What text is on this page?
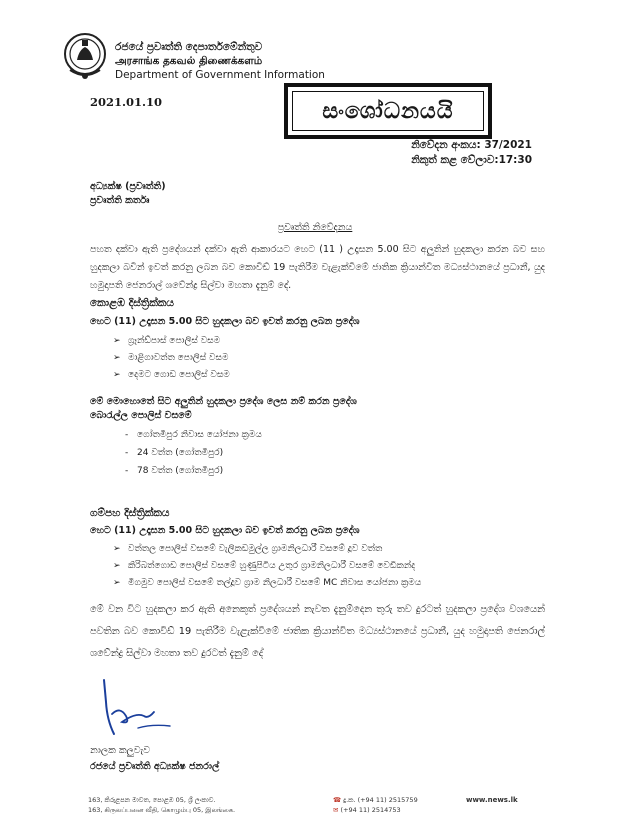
රජයේ ප්‍රවෘත්ති දෙපාර්තමේන්තුව
அரசாங்க தகவல் திணைக்களம்
Department of Government Information
2021.01.10	සංශෝධනයයි
නිවේදන අංකය: 37/2021
නිකුත් කළ වේලාව:17:30
අධ්‍යක්ෂ (ප්‍රවෘත්ති)
ප්‍රවෘත්ති කර්තෘ
ප්‍රවෘත්ති නිවේදනය
පහත දක්වා ඇති ප්‍රදේශයන් දක්වා ඇති ආකාරයට හෙට (11 ) උදෑසන 5.00 සිට අලුතින් හුදකලා කරන බව සහ හුදකලා බවින් ඉවත් කරනු ලබන බව කොවිඩ් 19 පැතිරීම වැළැක්වීමේ ජාතික ක්‍රියාන්විත මධ්‍යස්ථානයේ ප්‍රධානී, යුද හමුදාපති ජෙනරාල් ශවේන්ද්‍ර සිල්වා මහතා දැනුම් දේ.
කොළඹ දිස්ත්‍රික්කය
හෙට (11) උදෑසන 5.00 සිට හුදකලා බව ඉවත් කරනු ලබන ප්‍රදේශ
➢ ග්‍රෑන්ඩ්පාස් පොලිස් වසම
➢ මාළිගාවත්ත පොලිස් වසම
➢ දෙමට ගොඩ පොලිස් වසම
මේ මොහොතේ සිට අලුතින් හුදකලා ප්‍රදේශ ලෙස නම් කරන ප්‍රදේශ
බොරැල්ල පොලිස් වසමේ
- ගෝතමීපුර නිවාස යෝජනා ක්‍රමය
- 24 වත්ත (ගෝතමීපුර)
- 78 වත්ත (ගෝතමීපුර)
ගම්පහ දිස්ත්‍රික්කය
හෙට (11) උදෑසන 5.00 සිට හුදකලා බව ඉවත් කරනු ලබන ප්‍රදේශ
➢ වත්තල පොලිස් වසමේ වැලිකඩමුල්ල ග්‍රාමනිලධාරී වසමේ දූව වත්ත
➢ කිරිබත්ගොඩ පොලිස් වසමේ හුණුපිටිය උතුර ග්‍රාමනිලධාරී වසමේ වෙඩිකන්ද
➢ මීගමුව පොලිස් වසමේ තල්දූව ග්‍රාම නිලධාරී වසමේ MC නිවාස යෝජනා ක්‍රමය
මේ වන විට හුදකලා කර ඇති අනෙකුත් ප්‍රදේශයන් නැවත දැනුම්දෙන තුරු තව දුරටත් හුදකලා ප්‍රදේශ වශයෙන් පවතින බව කොවිඩ් 19 පැතිරීම වැළැක්වීමේ ජාතික ක්‍රියාන්විත මධ්‍යස්ථානයේ ප්‍රධානී, යුද හමුදාපති ජෙනරාල් ශවේන්ද්‍ර සිල්වා මහතා තව දුරටත් දැනුම් දේ
නාලක කලුවැව
රජයේ ප්‍රවෘත්ති අධ්‍යක්ෂ ජනරාල්
163, කිරුළපන මාවත, පොළඹ 05, ශ්‍රී ලංකාව.
163, கிருலப்பனை வீதி, கொழும்பு 05, இலங்கை.
☎ දු.ක. (+94 11) 2515759
✉ (+94 11) 2514753
www.news.lk
